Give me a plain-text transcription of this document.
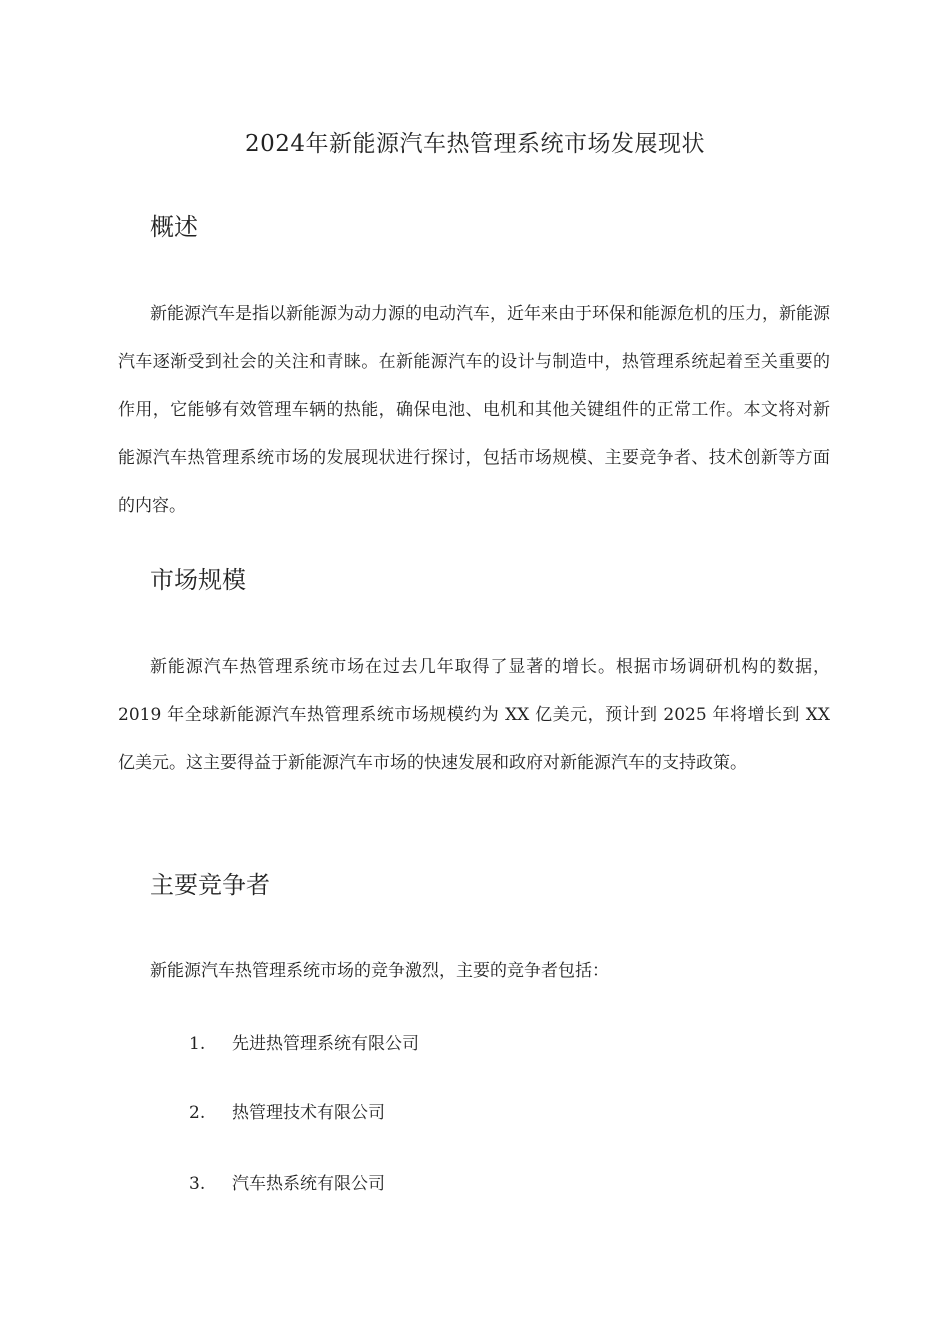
2024年新能源汽车热管理系统市场发展现状
概述

新能源汽车是指以新能源为动力源的电动汽车，近年来由于环保和能源危机的压力，新能源汽车逐渐受到社会的关注和青睐。在新能源汽车的设计与制造中，热管理系统起着至关重要的作用，它能够有效管理车辆的热能，确保电池、电机和其他关键组件的正常工作。本文将对新能源汽车热管理系统市场的发展现状进行探讨，包括市场规模、主要竞争者、技术创新等方面的内容。

市场规模

新能源汽车热管理系统市场在过去几年取得了显著的增长。根据市场调研机构的数据，2019 年全球新能源汽车热管理系统市场规模约为 XX 亿美元，预计到 2025 年将增长到 XX 亿美元。这主要得益于新能源汽车市场的快速发展和政府对新能源汽车的支持政策。

主要竞争者

新能源汽车热管理系统市场的竞争激烈，主要的竞争者包括：

1. 先进热管理系统有限公司
2. 热管理技术有限公司
3. 汽车热系统有限公司
